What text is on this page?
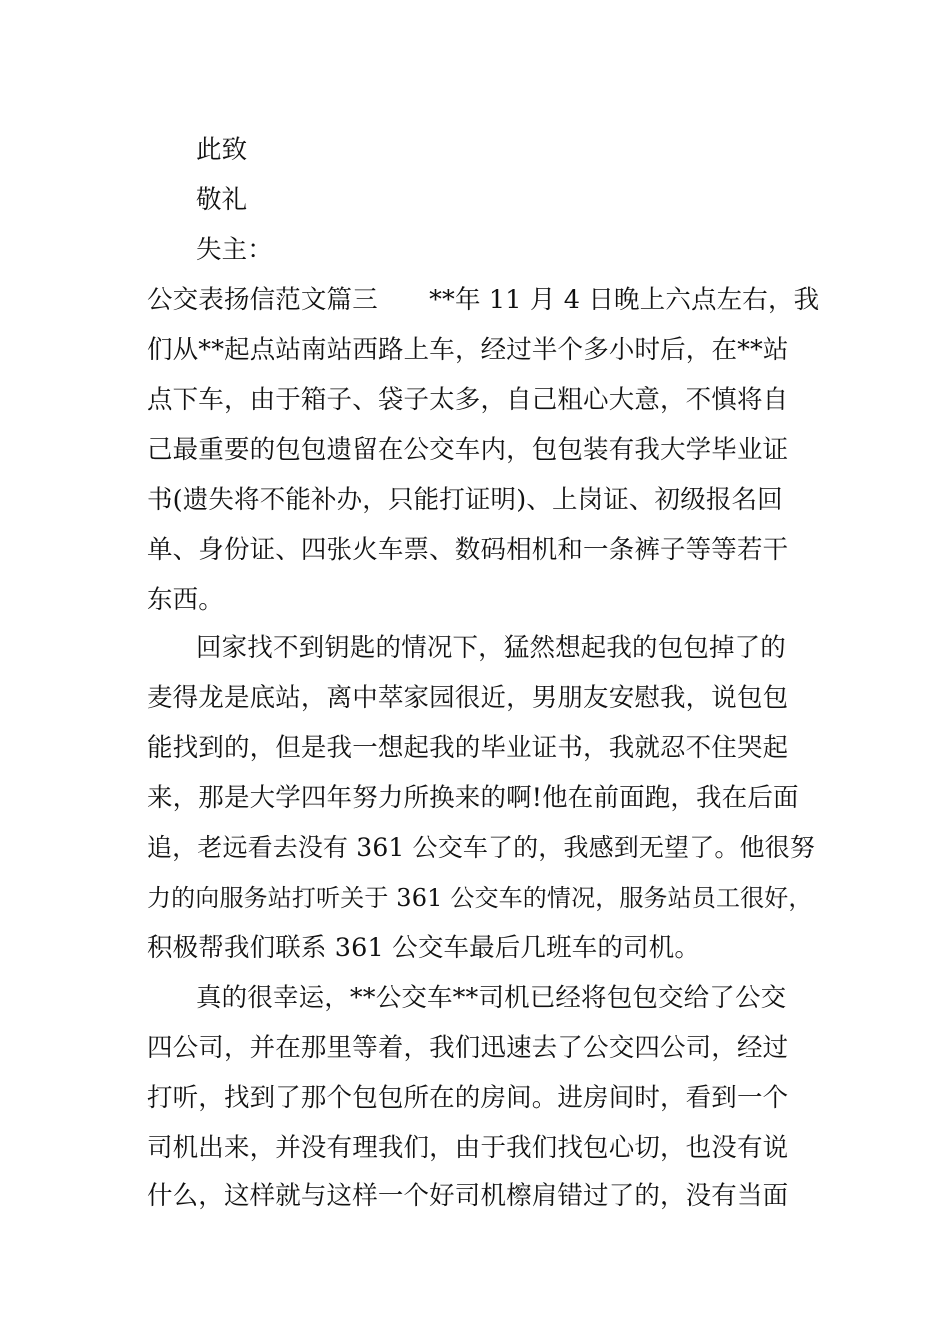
此致
敬礼
失主：
公交表扬信范文篇三　　**年 11 月 4 日晚上六点左右，我
们从**起点站南站西路上车，经过半个多小时后，在**站
点下车，由于箱子、袋子太多，自己粗心大意，不慎将自
己最重要的包包遗留在公交车内，包包装有我大学毕业证
书(遗失将不能补办，只能打证明)、上岗证、初级报名回
单、身份证、四张火车票、数码相机和一条裤子等等若干
东西。
回家找不到钥匙的情况下，猛然想起我的包包掉了的
麦得龙是底站，离中萃家园很近，男朋友安慰我，说包包
能找到的，但是我一想起我的毕业证书，我就忍不住哭起
来，那是大学四年努力所换来的啊!他在前面跑，我在后面
追，老远看去没有 361 公交车了的，我感到无望了。他很努
力的向服务站打听关于 361 公交车的情况，服务站员工很好，
积极帮我们联系 361 公交车最后几班车的司机。
真的很幸运，**公交车**司机已经将包包交给了公交
四公司，并在那里等着，我们迅速去了公交四公司，经过
打听，找到了那个包包所在的房间。进房间时，看到一个
司机出来，并没有理我们，由于我们找包心切，也没有说
什么，这样就与这样一个好司机檫肩错过了的，没有当面
